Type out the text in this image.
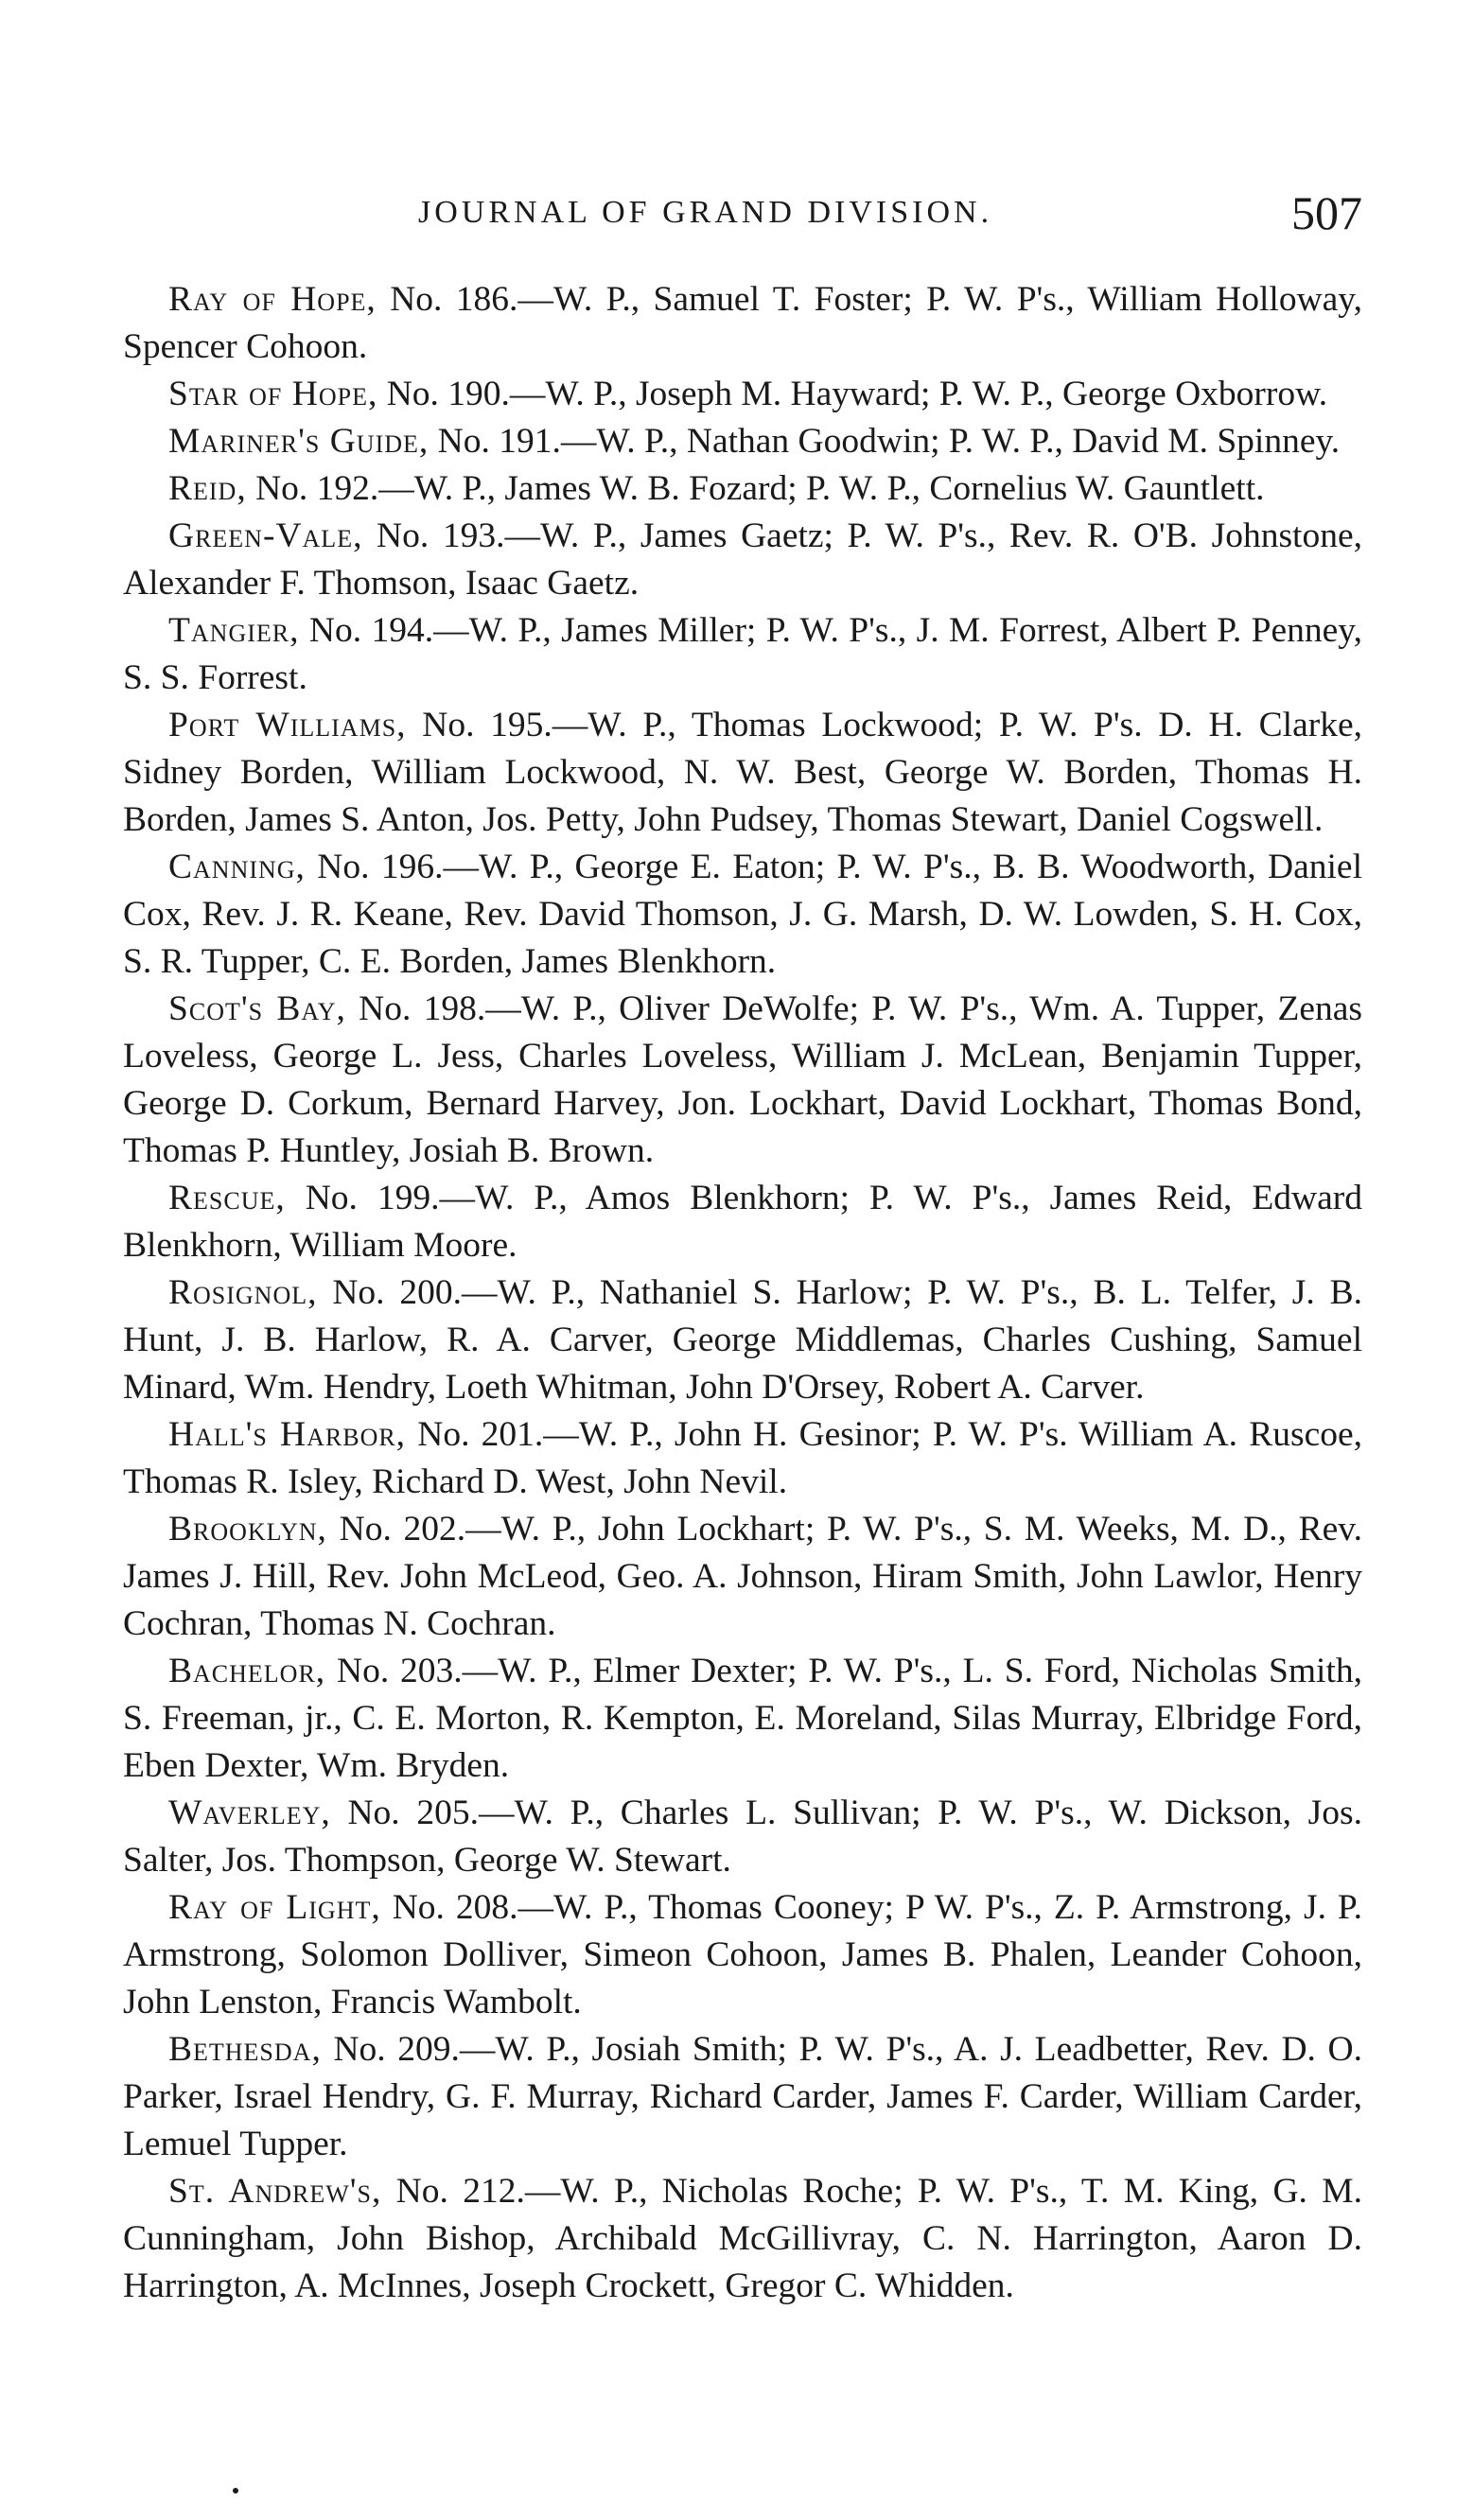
JOURNAL OF GRAND DIVISION.	507

Ray of Hope, No. 186.—W. P., Samuel T. Foster; P. W. P's., William Holloway, Spencer Cohoon.

Star of Hope, No. 190.—W. P., Joseph M. Hayward; P. W. P., George Oxborrow.

Mariner's Guide, No. 191.—W. P., Nathan Goodwin; P. W. P., David M. Spinney.

Reid, No. 192.—W. P., James W. B. Fozard; P. W. P., Cornelius W. Gauntlett.

Green-Vale, No. 193.—W. P., James Gaetz; P. W. P's., Rev. R. O'B. Johnstone, Alexander F. Thomson, Isaac Gaetz.

Tangier, No. 194.—W. P., James Miller; P. W. P's., J. M. Forrest, Albert P. Penney, S. S. Forrest.

Port Williams, No. 195.—W. P., Thomas Lockwood; P. W. P's. D. H. Clarke, Sidney Borden, William Lockwood, N. W. Best, George W. Borden, Thomas H. Borden, James S. Anton, Jos. Petty, John Pudsey, Thomas Stewart, Daniel Cogswell.

Canning, No. 196.—W. P., George E. Eaton; P. W. P's., B. B. Woodworth, Daniel Cox, Rev. J. R. Keane, Rev. David Thomson, J. G. Marsh, D. W. Lowden, S. H. Cox, S. R. Tupper, C. E. Borden, James Blenkhorn.

Scot's Bay, No. 198.—W. P., Oliver DeWolfe; P. W. P's., Wm. A. Tupper, Zenas Loveless, George L. Jess, Charles Loveless, William J. McLean, Benjamin Tupper, George D. Corkum, Bernard Harvey, Jon. Lockhart, David Lockhart, Thomas Bond, Thomas P. Huntley, Josiah B. Brown.

Rescue, No. 199.—W. P., Amos Blenkhorn; P. W. P's., James Reid, Edward Blenkhorn, William Moore.

Rosignol, No. 200.—W. P., Nathaniel S. Harlow; P. W. P's., B. L. Telfer, J. B. Hunt, J. B. Harlow, R. A. Carver, George Middlemas, Charles Cushing, Samuel Minard, Wm. Hendry, Loeth Whitman, John D'Orsey, Robert A. Carver.

Hall's Harbor, No. 201.—W. P., John H. Gesinor; P. W. P's. William A. Ruscoe, Thomas R. Isley, Richard D. West, John Nevil.

Brooklyn, No. 202.—W. P., John Lockhart; P. W. P's., S. M. Weeks, M. D., Rev. James J. Hill, Rev. John McLeod, Geo. A. Johnson, Hiram Smith, John Lawlor, Henry Cochran, Thomas N. Cochran.

Bachelor, No. 203.—W. P., Elmer Dexter; P. W. P's., L. S. Ford, Nicholas Smith, S. Freeman, jr., C. E. Morton, R. Kempton, E. Moreland, Silas Murray, Elbridge Ford, Eben Dexter, Wm. Bryden.

Waverley, No. 205.—W. P., Charles L. Sullivan; P. W. P's., W. Dickson, Jos. Salter, Jos. Thompson, George W. Stewart.

Ray of Light, No. 208.—W. P., Thomas Cooney; P W. P's., Z. P. Armstrong, J. P. Armstrong, Solomon Dolliver, Simeon Cohoon, James B. Phalen, Leander Cohoon, John Lenston, Francis Wambolt.

Bethesda, No. 209.—W. P., Josiah Smith; P. W. P's., A. J. Leadbetter, Rev. D. O. Parker, Israel Hendry, G. F. Murray, Richard Carder, James F. Carder, William Carder, Lemuel Tupper.

St. Andrew's, No. 212.—W. P., Nicholas Roche; P. W. P's., T. M. King, G. M. Cunningham, John Bishop, Archibald McGillivray, C. N. Harrington, Aaron D. Harrington, A. McInnes, Joseph Crockett, Gregor C. Whidden.
